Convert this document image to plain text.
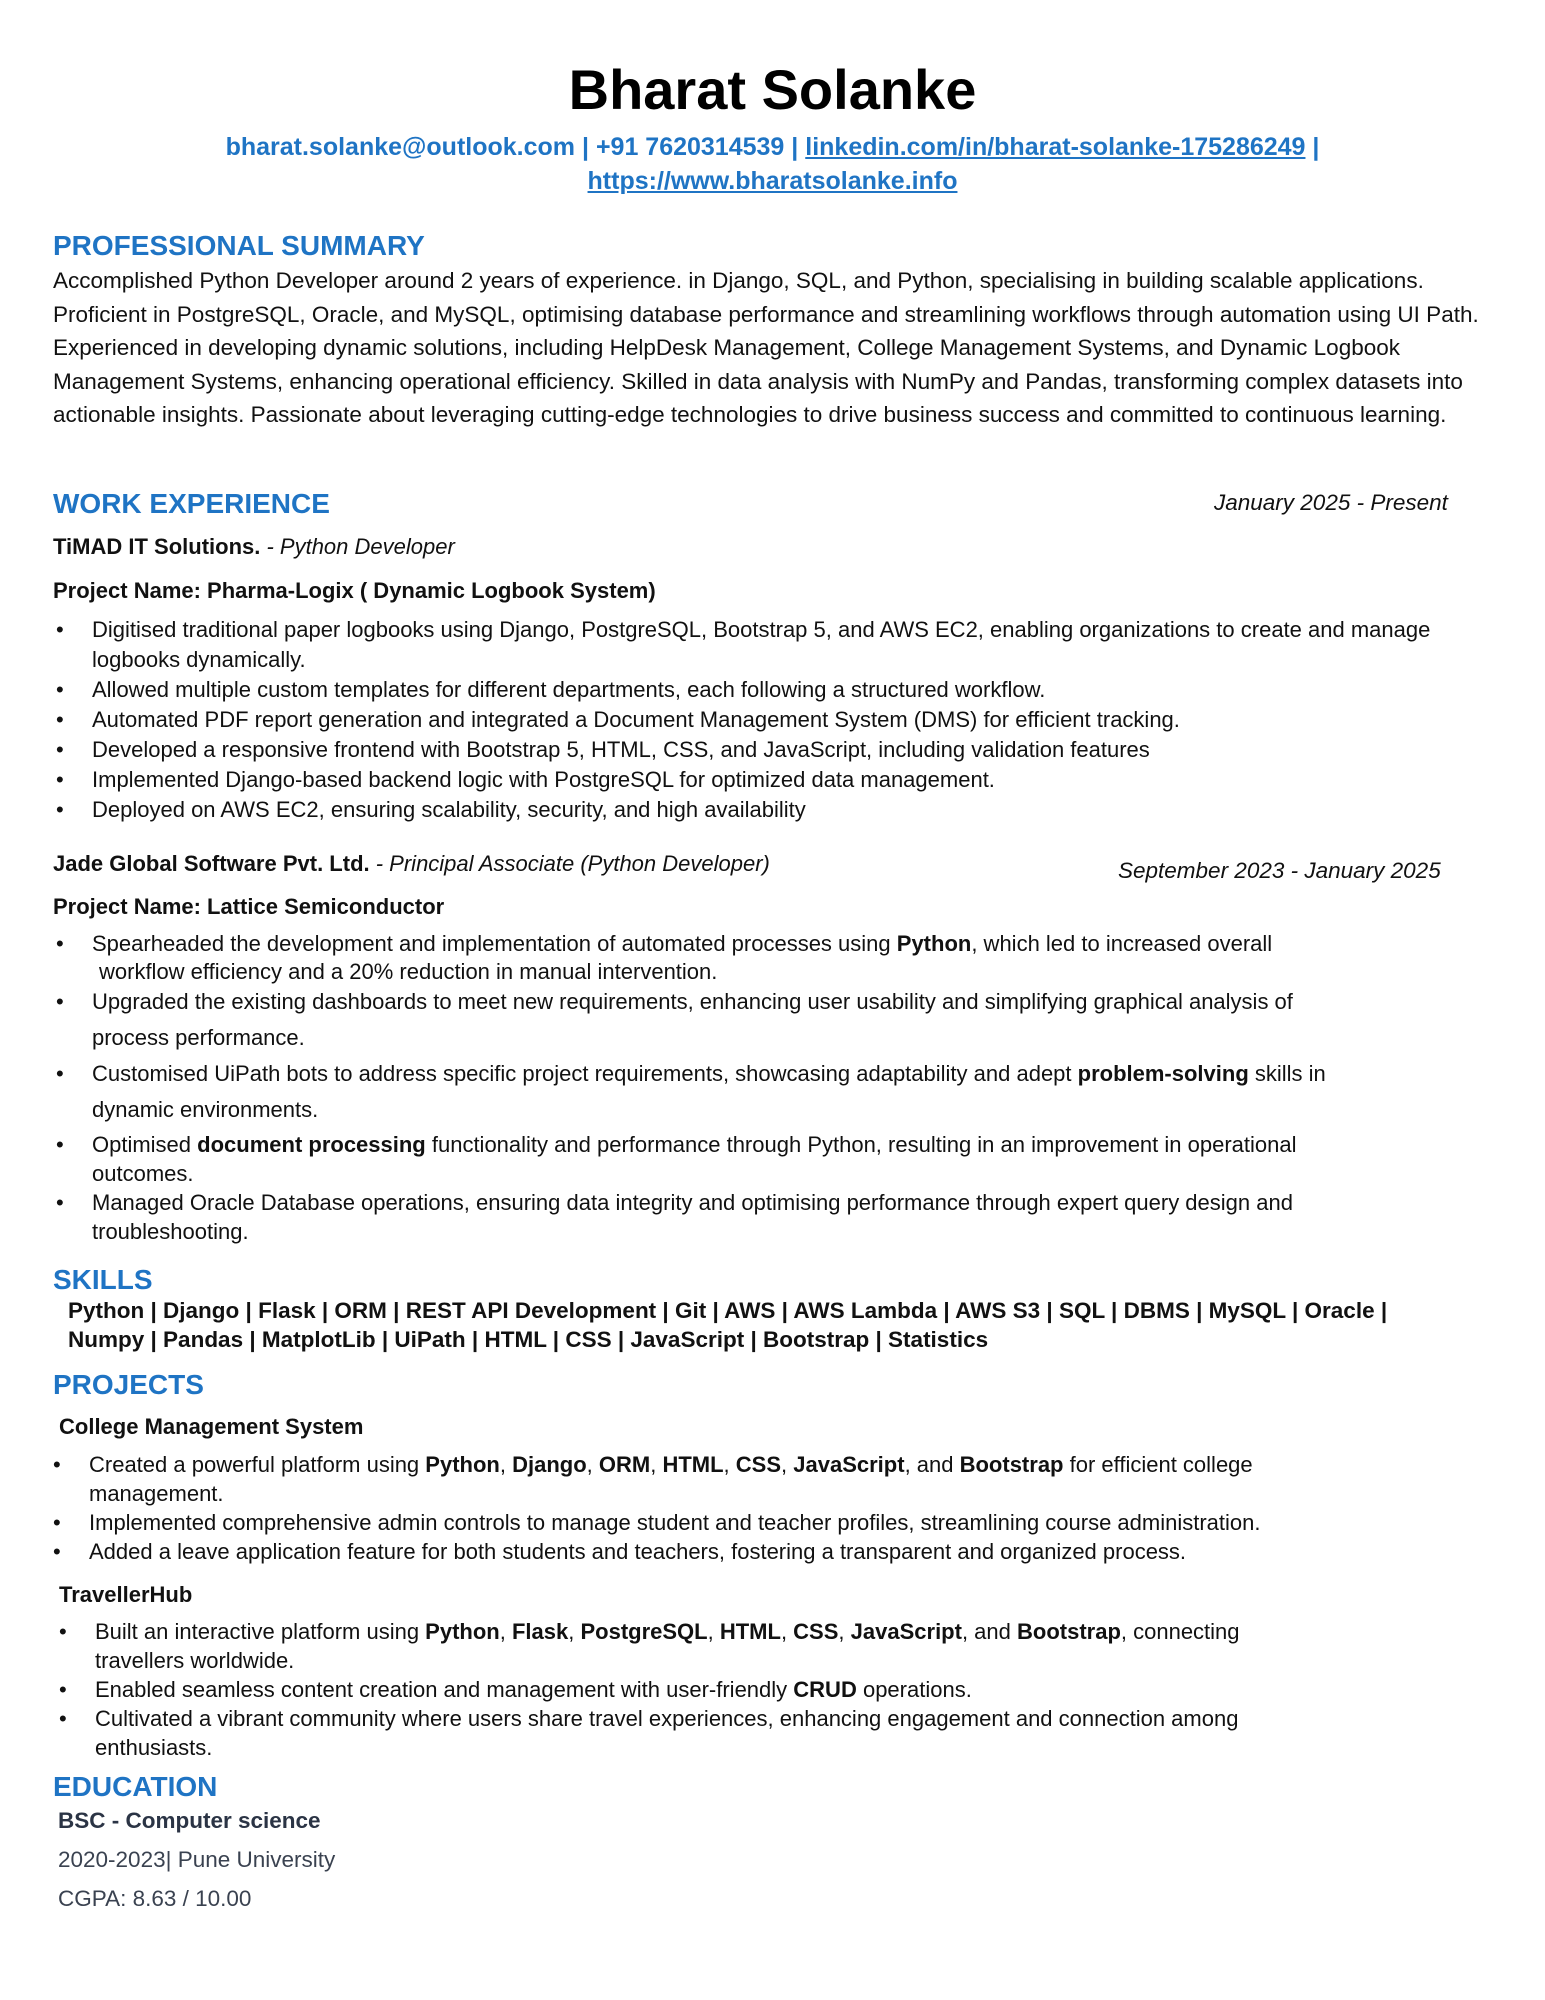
Bharat Solanke
bharat.solanke@outlook.com | +91 7620314539 | linkedin.com/in/bharat-solanke-175286249 |
https://www.bharatsolanke.info
PROFESSIONAL SUMMARY

Accomplished Python Developer around 2 years of experience. in Django, SQL, and Python, specialising in building scalable applications. Proficient in PostgreSQL, Oracle, and MySQL, optimising database performance and streamlining workflows through automation using UI Path. Experienced in developing dynamic solutions, including HelpDesk Management, College Management Systems, and Dynamic Logbook Management Systems, enhancing operational efficiency. Skilled in data analysis with NumPy and Pandas, transforming complex datasets into actionable insights. Passionate about leveraging cutting-edge technologies to drive business success and committed to continuous learning.

WORK EXPERIENCE	January 2025 - Present
TiMAD IT Solutions. - Python Developer
Project Name: Pharma-Logix ( Dynamic Logbook System)
• Digitised traditional paper logbooks using Django, PostgreSQL, Bootstrap 5, and AWS EC2, enabling organizations to create and manage logbooks dynamically.
• Allowed multiple custom templates for different departments, each following a structured workflow.
• Automated PDF report generation and integrated a Document Management System (DMS) for efficient tracking.
• Developed a responsive frontend with Bootstrap 5, HTML, CSS, and JavaScript, including validation features
• Implemented Django-based backend logic with PostgreSQL for optimized data management.
• Deployed on AWS EC2, ensuring scalability, security, and high availability
Jade Global Software Pvt. Ltd. - Principal Associate (Python Developer)	September 2023 - January 2025
Project Name: Lattice Semiconductor
• Spearheaded the development and implementation of automated processes using Python, which led to increased overall
workflow efficiency and a 20% reduction in manual intervention.
• Upgraded the existing dashboards to meet new requirements, enhancing user usability and simplifying graphical analysis of
process performance.
• Customised UiPath bots to address specific project requirements, showcasing adaptability and adept problem-solving skills in
dynamic environments.
• Optimised document processing functionality and performance through Python, resulting in an improvement in operational
outcomes.
• Managed Oracle Database operations, ensuring data integrity and optimising performance through expert query design and
troubleshooting.
SKILLS
Python | Django | Flask | ORM | REST API Development | Git | AWS | AWS Lambda | AWS S3 | SQL | DBMS | MySQL | Oracle |
Numpy | Pandas | MatplotLib | UiPath | HTML | CSS | JavaScript | Bootstrap | Statistics
PROJECTS
College Management System
• Created a powerful platform using Python, Django, ORM, HTML, CSS, JavaScript, and Bootstrap for efficient college
management.
• Implemented comprehensive admin controls to manage student and teacher profiles, streamlining course administration.
• Added a leave application feature for both students and teachers, fostering a transparent and organized process.
TravellerHub
• Built an interactive platform using Python, Flask, PostgreSQL, HTML, CSS, JavaScript, and Bootstrap, connecting
travellers worldwide.
• Enabled seamless content creation and management with user-friendly CRUD operations.
• Cultivated a vibrant community where users share travel experiences, enhancing engagement and connection among
enthusiasts.
EDUCATION
BSC - Computer science
2020-2023| Pune University
CGPA: 8.63 / 10.00
